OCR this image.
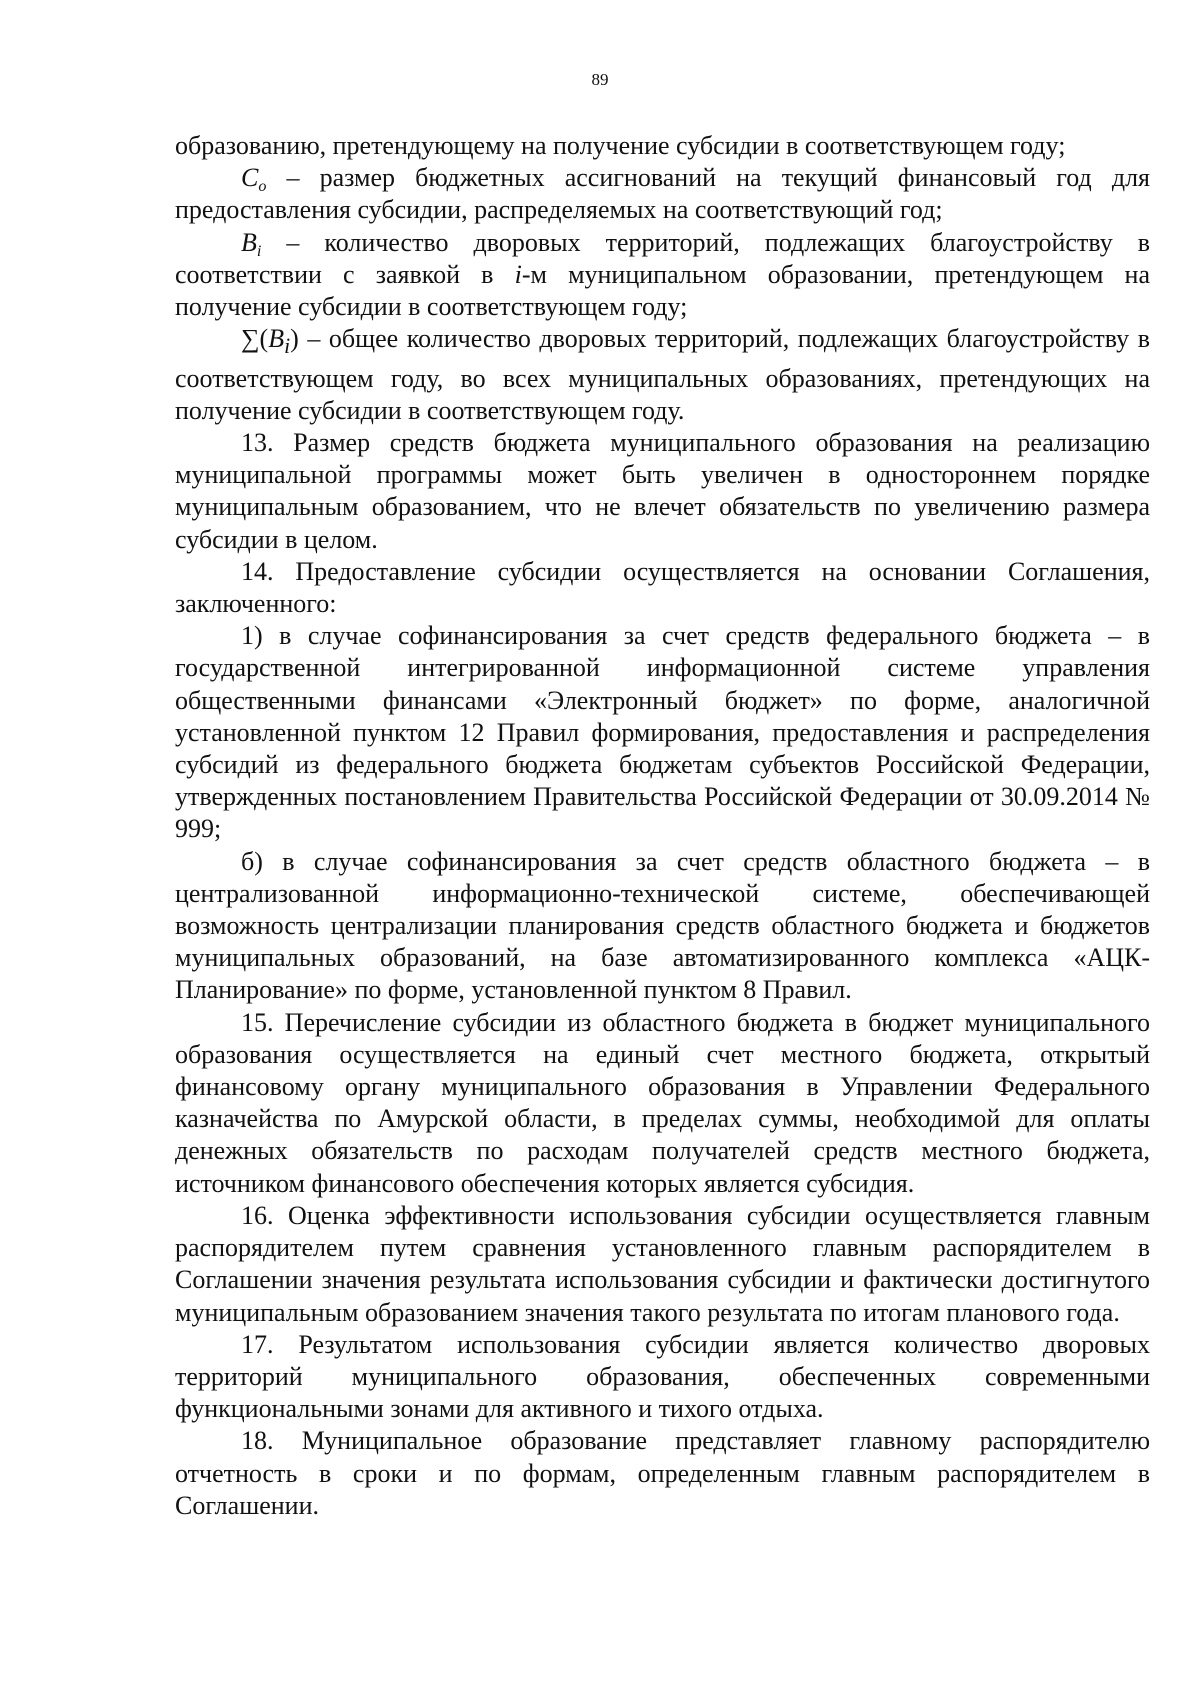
89

образованию, претендующему на получение субсидии в соответствующем году;

$C_o$ – размер бюджетных ассигнований на текущий финансовый год для предоставления субсидии, распределяемых на соответствующий год;

$B_i$ – количество дворовых территорий, подлежащих благоустройству в соответствии с заявкой в i-м муниципальном образовании, претендующем на получение субсидии в соответствующем году;

$\sum(B_i)$ – общее количество дворовых территорий, подлежащих благоустройству в соответствующем году, во всех муниципальных образованиях, претендующих на получение субсидии в соответствующем году.

13. Размер средств бюджета муниципального образования на реализацию муниципальной программы может быть увеличен в одностороннем порядке муниципальным образованием, что не влечет обязательств по увеличению размера субсидии в целом.

14. Предоставление субсидии осуществляется на основании Соглашения, заключенного:

1) в случае софинансирования за счет средств федерального бюджета – в государственной интегрированной информационной системе управления общественными финансами «Электронный бюджет» по форме, аналогичной установленной пунктом 12 Правил формирования, предоставления и распределения субсидий из федерального бюджета бюджетам субъектов Российской Федерации, утвержденных постановлением Правительства Российской Федерации от 30.09.2014 № 999;

б) в случае софинансирования за счет средств областного бюджета – в централизованной информационно-технической системе, обеспечивающей возможность централизации планирования средств областного бюджета и бюджетов муниципальных образований, на базе автоматизированного комплекса «АЦК-Планирование» по форме, установленной пунктом 8 Правил.

15. Перечисление субсидии из областного бюджета в бюджет муниципального образования осуществляется на единый счет местного бюджета, открытый финансовому органу муниципального образования в Управлении Федерального казначейства по Амурской области, в пределах суммы, необходимой для оплаты денежных обязательств по расходам получателей средств местного бюджета, источником финансового обеспечения которых является субсидия.

16. Оценка эффективности использования субсидии осуществляется главным распорядителем путем сравнения установленного главным распорядителем в Соглашении значения результата использования субсидии и фактически достигнутого муниципальным образованием значения такого результата по итогам планового года.

17. Результатом использования субсидии является количество дворовых территорий муниципального образования, обеспеченных современными функциональными зонами для активного и тихого отдыха.

18. Муниципальное образование представляет главному распорядителю отчетность в сроки и по формам, определенным главным распорядителем в Соглашении.
